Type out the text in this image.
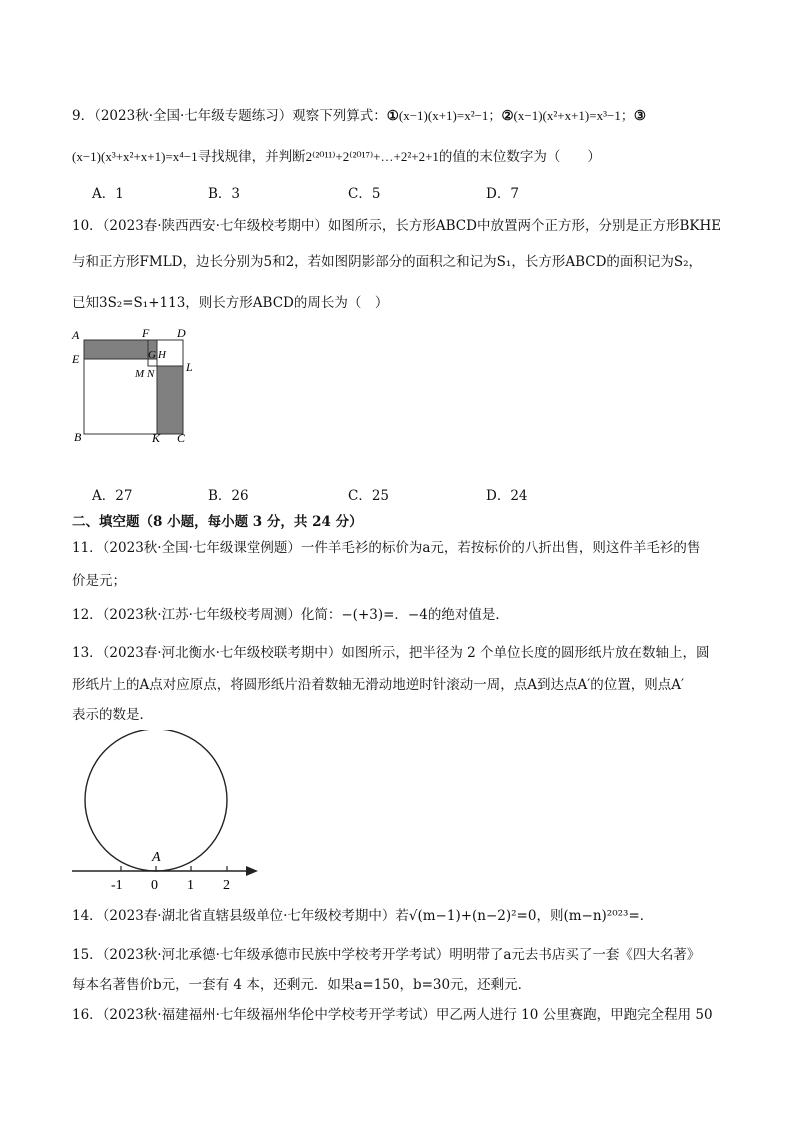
9．（2023秋·全国·七年级专题练习）观察下列算式：①(x−1)(x+1)=x²−1；②(x−1)(x²+x+1)=x³−1；③
(x−1)(x³+x²+x+1)=x⁴−1寻找规律，并判断2⁽²⁰¹¹⁾+2⁽²⁰¹⁷⁾+…+2²+2+1的值的末位数字为（　　）
A．1	B．3	C．5	D．7
10．（2023春·陕西西安·七年级校考期中）如图所示，长方形ABCD中放置两个正方形，分别是正方形BKHE
与和正方形FMLD，边长分别为5和2，若如图阴影部分的面积之和记为S₁，长方形ABCD的面积记为S₂，
已知3S₂=S₁+113，则长方形ABCD的周长为（　）
A	F D
E	G H
M N	L
B	K C
A．27	B．26	C．25	D．24
二、填空题（8 小题，每小题 3 分，共 24 分）
11．（2023秋·全国·七年级课堂例题）一件羊毛衫的标价为a元，若按标价的八折出售，则这件羊毛衫的售
价是元；
12．（2023秋·江苏·七年级校考周测）化简：−(+3)=．−4的绝对值是．
13．（2023春·河北衡水·七年级校联考期中）如图所示，把半径为 2 个单位长度的圆形纸片放在数轴上，圆
形纸片上的A点对应原点，将圆形纸片沿着数轴无滑动地逆时针滚动一周，点A到达点A′的位置，则点A′
表示的数是．
A
-1 0 1 2
14．（2023春·湖北省直辖县级单位·七年级校考期中）若√(m−1)+(n−2)²=0，则(m−n)²⁰²³=．
15．（2023秋·河北承德·七年级承德市民族中学校考开学考试）明明带了a元去书店买了一套《四大名著》
每本名著售价b元，一套有 4 本，还剩元．如果a=150，b=30元，还剩元．
16．（2023秋·福建福州·七年级福州华伦中学校考开学考试）甲乙两人进行 10 公里赛跑，甲跑完全程用 50
